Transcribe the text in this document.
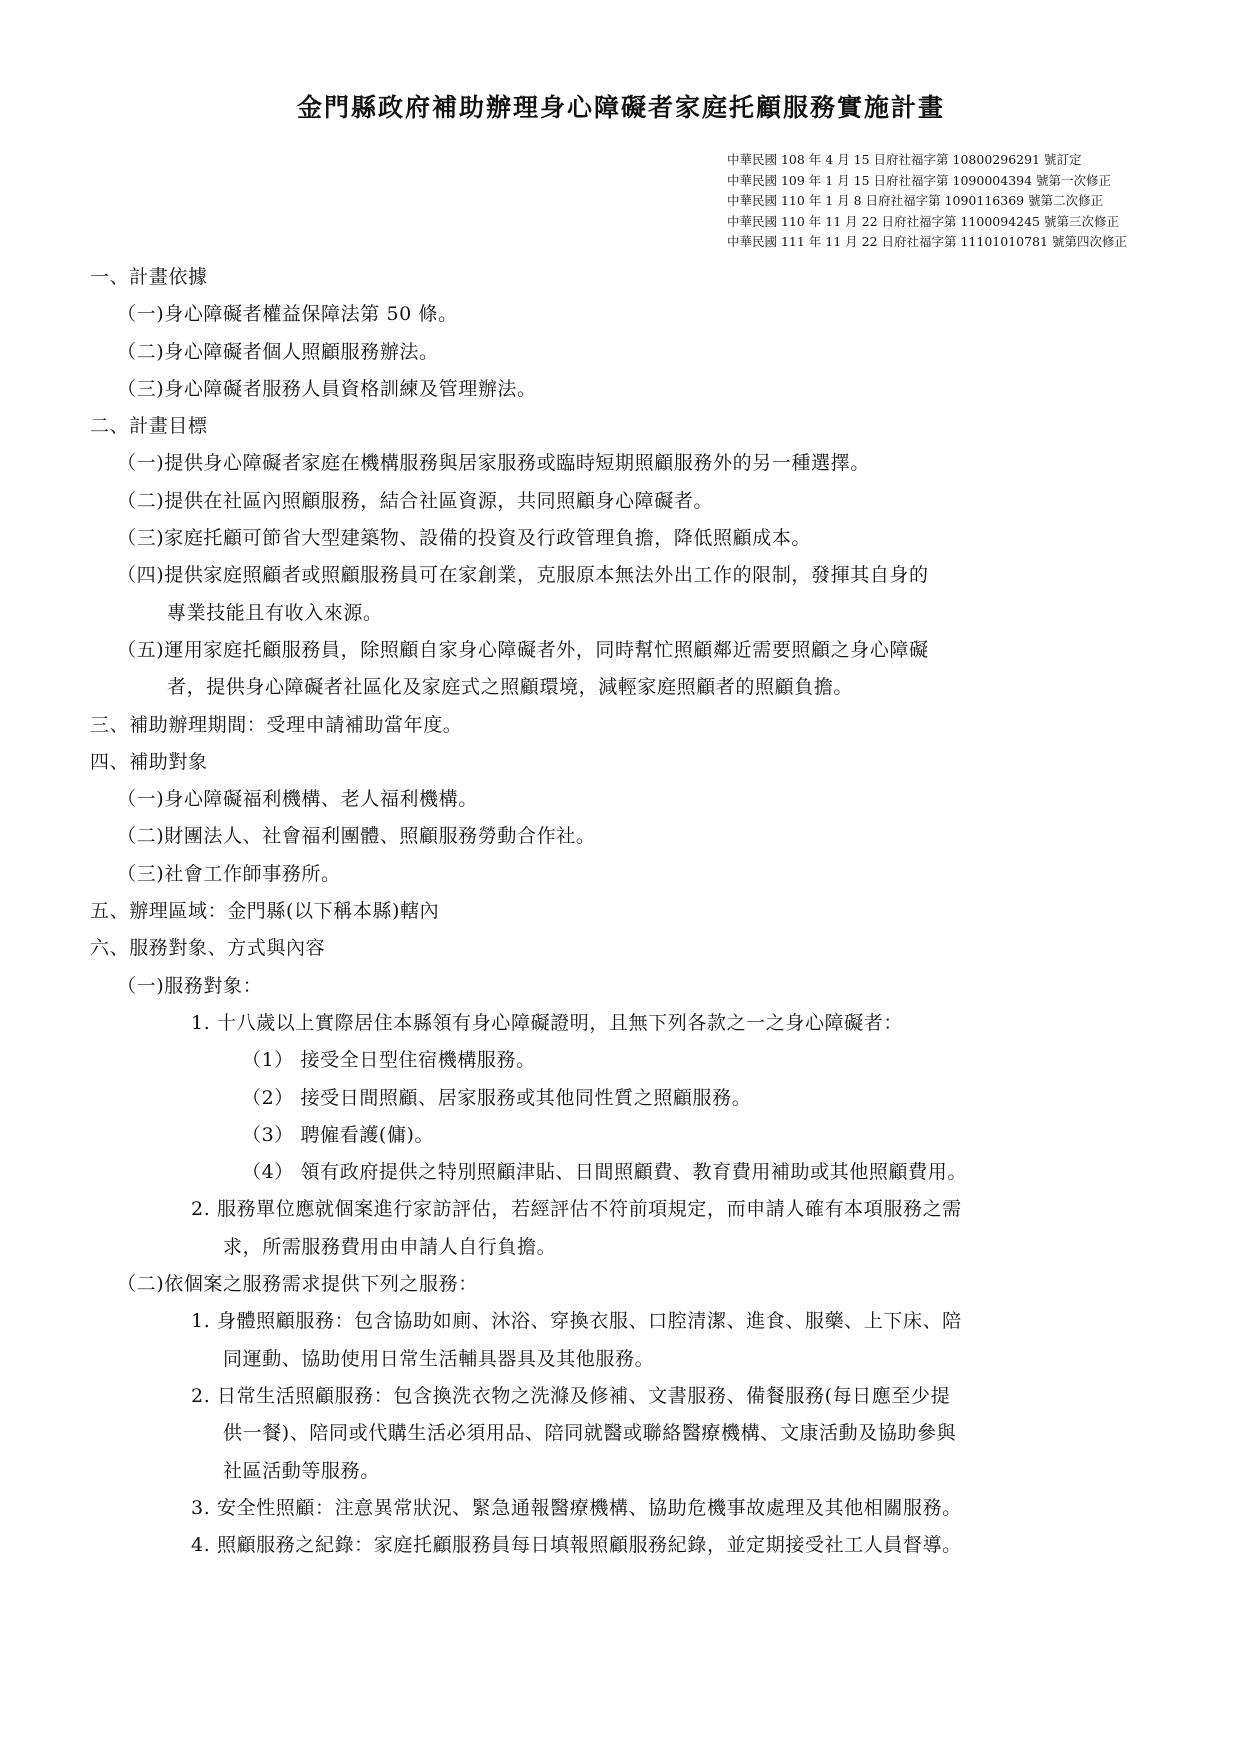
金門縣政府補助辦理身心障礙者家庭托顧服務實施計畫
中華民國 108 年 4 月 15 日府社福字第 10800296291 號訂定
中華民國 109 年 1 月 15 日府社福字第 1090004394 號第一次修正
中華民國 110 年 1 月 8 日府社福字第 1090116369 號第二次修正
中華民國 110 年 11 月 22 日府社福字第 1100094245 號第三次修正
中華民國 111 年 11 月 22 日府社福字第 11101010781 號第四次修正
一、計畫依據
（一)身心障礙者權益保障法第 50 條。
（二)身心障礙者個人照顧服務辦法。
（三)身心障礙者服務人員資格訓練及管理辦法。
二、計畫目標
（一)提供身心障礙者家庭在機構服務與居家服務或臨時短期照顧服務外的另一種選擇。
（二)提供在社區內照顧服務，結合社區資源，共同照顧身心障礙者。
（三)家庭托顧可節省大型建築物、設備的投資及行政管理負擔，降低照顧成本。
（四)提供家庭照顧者或照顧服務員可在家創業，克服原本無法外出工作的限制，發揮其自身的
專業技能且有收入來源。
（五)運用家庭托顧服務員，除照顧自家身心障礙者外，同時幫忙照顧鄰近需要照顧之身心障礙
者，提供身心障礙者社區化及家庭式之照顧環境，減輕家庭照顧者的照顧負擔。
三、補助辦理期間：受理申請補助當年度。
四、補助對象
（一)身心障礙福利機構、老人福利機構。
（二)財團法人、社會福利團體、照顧服務勞動合作社。
（三)社會工作師事務所。
五、辦理區域：金門縣(以下稱本縣)轄內
六、服務對象、方式與內容
（一)服務對象：
1. 十八歲以上實際居住本縣領有身心障礙證明，且無下列各款之一之身心障礙者：
（1） 接受全日型住宿機構服務。
（2） 接受日間照顧、居家服務或其他同性質之照顧服務。
（3） 聘僱看護(傭)。
（4） 領有政府提供之特別照顧津貼、日間照顧費、教育費用補助或其他照顧費用。
2. 服務單位應就個案進行家訪評估，若經評估不符前項規定，而申請人確有本項服務之需
求，所需服務費用由申請人自行負擔。
（二)依個案之服務需求提供下列之服務：
1. 身體照顧服務：包含協助如廁、沐浴、穿換衣服、口腔清潔、進食、服藥、上下床、陪
同運動、協助使用日常生活輔具器具及其他服務。
2. 日常生活照顧服務：包含換洗衣物之洗滌及修補、文書服務、備餐服務(每日應至少提
供一餐)、陪同或代購生活必須用品、陪同就醫或聯絡醫療機構、文康活動及協助參與
社區活動等服務。
3. 安全性照顧：注意異常狀況、緊急通報醫療機構、協助危機事故處理及其他相關服務。
4. 照顧服務之紀錄：家庭托顧服務員每日填報照顧服務紀錄，並定期接受社工人員督導。
